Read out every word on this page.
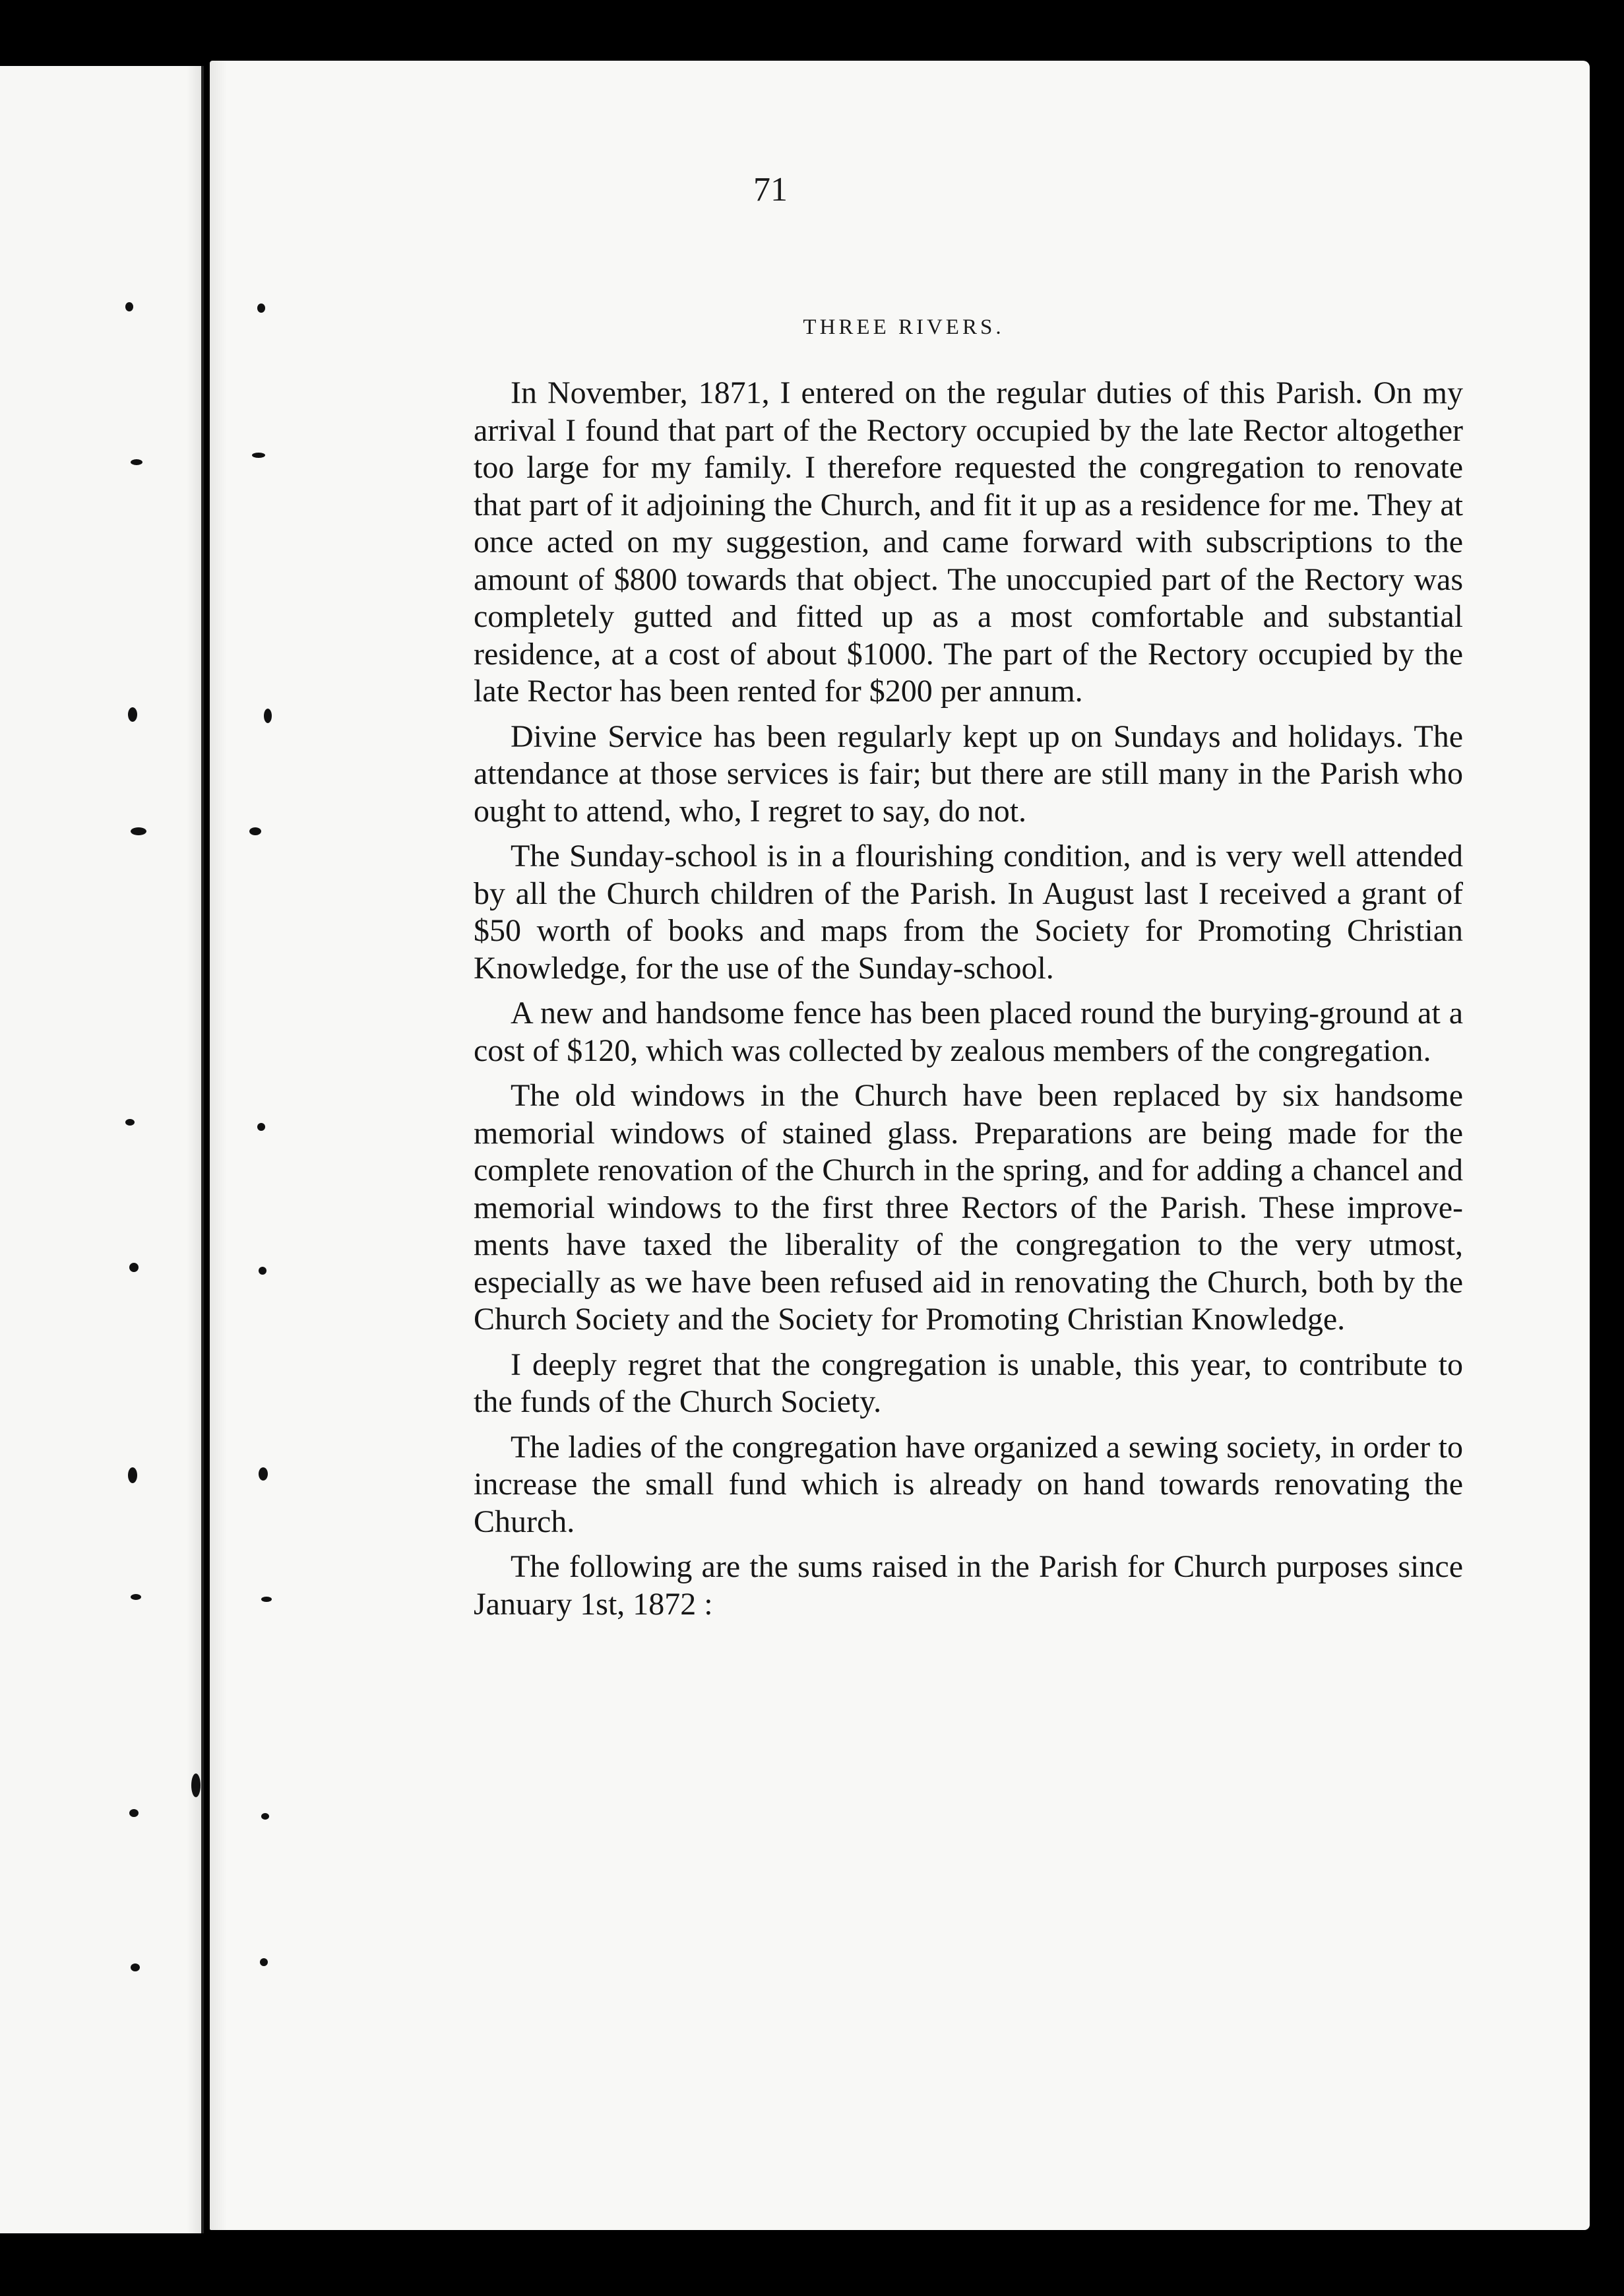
71
THREE RIVERS.

In November, 1871, I entered on the regular duties of this Parish. On my arrival I found that part of the Rectory occupied by the late Rector altogether too large for my family. I therefore requested the congregation to renovate that part of it adjoining the Church, and fit it up as a residence for me. They at once acted on my suggestion, and came forward with subscriptions to the amount of $800 towards that object. The unoccupied part of the Rectory was completely gutted and fitted up as a most comfortable and substantial residence, at a cost of about $1000. The part of the Rectory occupied by the late Rector has been rented for $200 per annum.

Divine Service has been regularly kept up on Sundays and holidays. The attendance at those services is fair; but there are still many in the Parish who ought to attend, who, I regret to say, do not.

The Sunday-school is in a flourishing condition, and is very well attended by all the Church children of the Parish. In August last I received a grant of $50 worth of books and maps from the Society for Promoting Christian Knowledge, for the use of the Sunday-school.

A new and handsome fence has been placed round the burying-ground at a cost of $120, which was collected by zealous members of the congregation.

The old windows in the Church have been replaced by six handsome memorial windows of stained glass. Preparations are being made for the complete renovation of the Church in the spring, and for adding a chancel and memorial windows to the first three Rectors of the Parish. These improvements have taxed the liberality of the congregation to the very utmost, especially as we have been refused aid in renovating the Church, both by the Church Society and the Society for Promoting Christian Knowledge.

I deeply regret that the congregation is unable, this year, to contribute to the funds of the Church Society.

The ladies of the congregation have organized a sewing society, in order to increase the small fund which is already on hand towards renovating the Church.

The following are the sums raised in the Parish for Church purposes since January 1st, 1872 :
